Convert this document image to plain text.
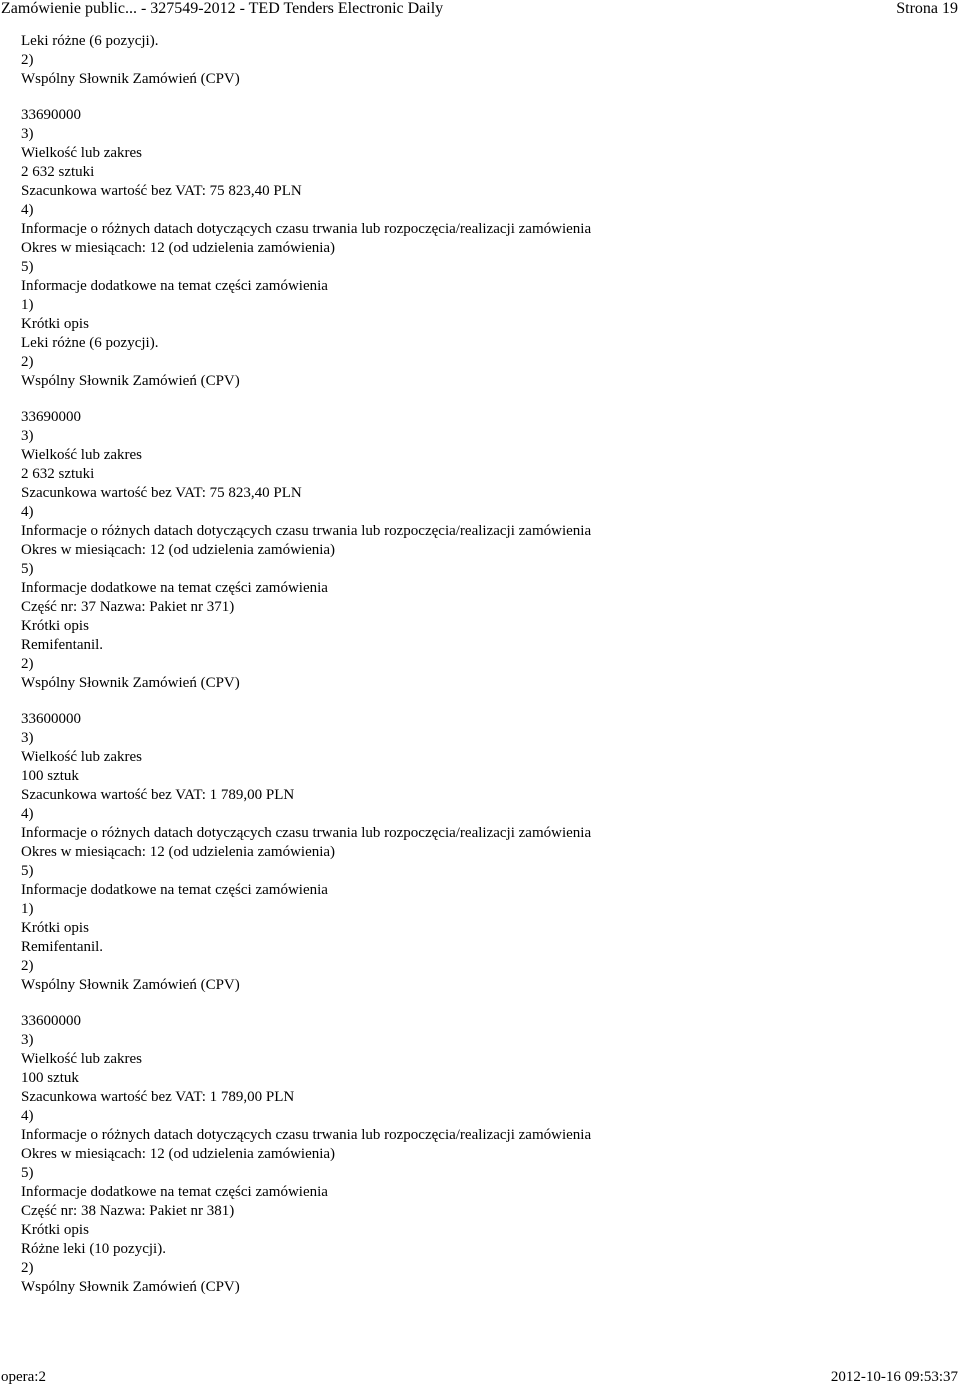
Zamówienie public... - 327549-2012 - TED Tenders Electronic Daily	Strona 19
Leki różne (6 pozycji).
2)
Wspólny Słownik Zamówień (CPV)
33690000
3)
Wielkość lub zakres
2 632 sztuki
Szacunkowa wartość bez VAT: 75 823,40 PLN
4)
Informacje o różnych datach dotyczących czasu trwania lub rozpoczęcia/realizacji zamówienia
Okres w miesiącach: 12 (od udzielenia zamówienia)
5)
Informacje dodatkowe na temat części zamówienia
1)
Krótki opis
Leki różne (6 pozycji).
2)
Wspólny Słownik Zamówień (CPV)
33690000
3)
Wielkość lub zakres
2 632 sztuki
Szacunkowa wartość bez VAT: 75 823,40 PLN
4)
Informacje o różnych datach dotyczących czasu trwania lub rozpoczęcia/realizacji zamówienia
Okres w miesiącach: 12 (od udzielenia zamówienia)
5)
Informacje dodatkowe na temat części zamówienia
Część nr: 37 Nazwa: Pakiet nr 371)
Krótki opis
Remifentanil.
2)
Wspólny Słownik Zamówień (CPV)
33600000
3)
Wielkość lub zakres
100 sztuk
Szacunkowa wartość bez VAT: 1 789,00 PLN
4)
Informacje o różnych datach dotyczących czasu trwania lub rozpoczęcia/realizacji zamówienia
Okres w miesiącach: 12 (od udzielenia zamówienia)
5)
Informacje dodatkowe na temat części zamówienia
1)
Krótki opis
Remifentanil.
2)
Wspólny Słownik Zamówień (CPV)
33600000
3)
Wielkość lub zakres
100 sztuk
Szacunkowa wartość bez VAT: 1 789,00 PLN
4)
Informacje o różnych datach dotyczących czasu trwania lub rozpoczęcia/realizacji zamówienia
Okres w miesiącach: 12 (od udzielenia zamówienia)
5)
Informacje dodatkowe na temat części zamówienia
Część nr: 38 Nazwa: Pakiet nr 381)
Krótki opis
Różne leki (10 pozycji).
2)
Wspólny Słownik Zamówień (CPV)
opera:2	2012-10-16 09:53:37
